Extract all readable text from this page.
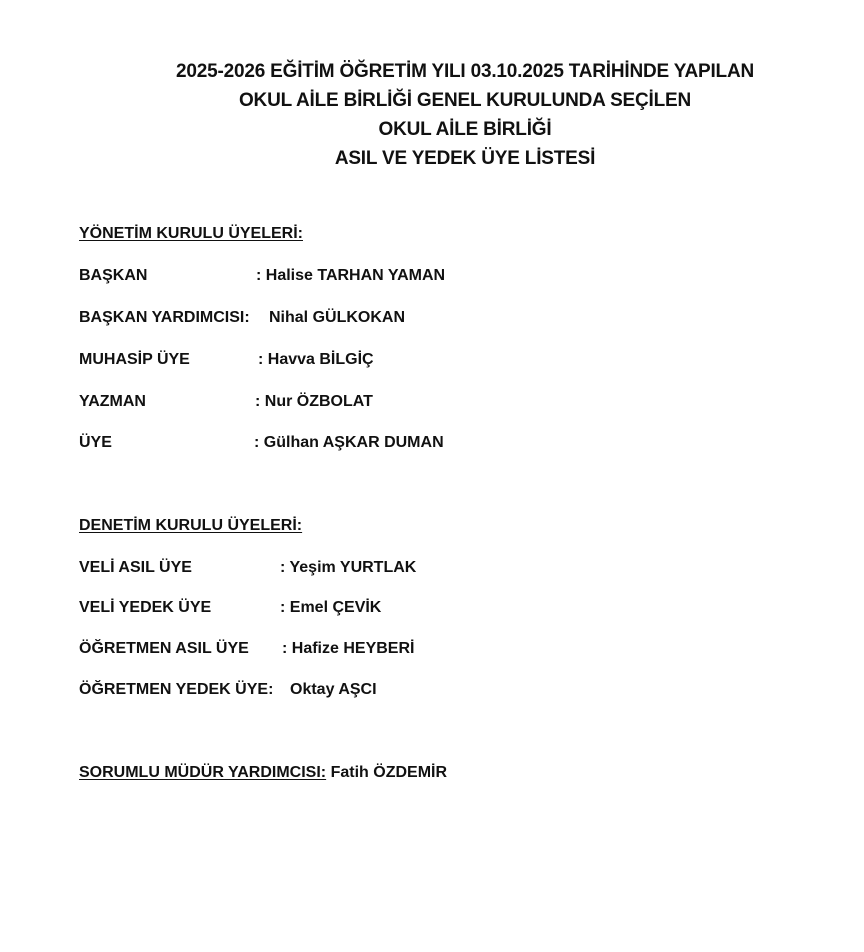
2025-2026 EĞİTİM ÖĞRETİM YILI 03.10.2025 TARİHİNDE YAPILAN
OKUL AİLE BİRLİĞİ GENEL KURULUNDA SEÇİLEN
OKUL AİLE BİRLİĞİ
ASIL VE YEDEK ÜYE LİSTESİ
YÖNETİM KURULU ÜYELERİ:
BAŞKAN	: Halise TARHAN YAMAN
BAŞKAN YARDIMCISI: Nihal GÜLKOKAN
MUHASİP ÜYE	: Havva BİLGİÇ
YAZMAN	: Nur ÖZBOLAT
ÜYE	: Gülhan AŞKAR DUMAN
DENETİM KURULU ÜYELERİ:
VELİ ASIL ÜYE	: Yeşim YURTLAK
VELİ YEDEK ÜYE	: Emel ÇEVİK
ÖĞRETMEN ASIL ÜYE : Hafize HEYBERİ
ÖĞRETMEN YEDEK ÜYE: Oktay AŞCI
SORUMLU MÜDÜR YARDIMCISI: Fatih ÖZDEMİR
